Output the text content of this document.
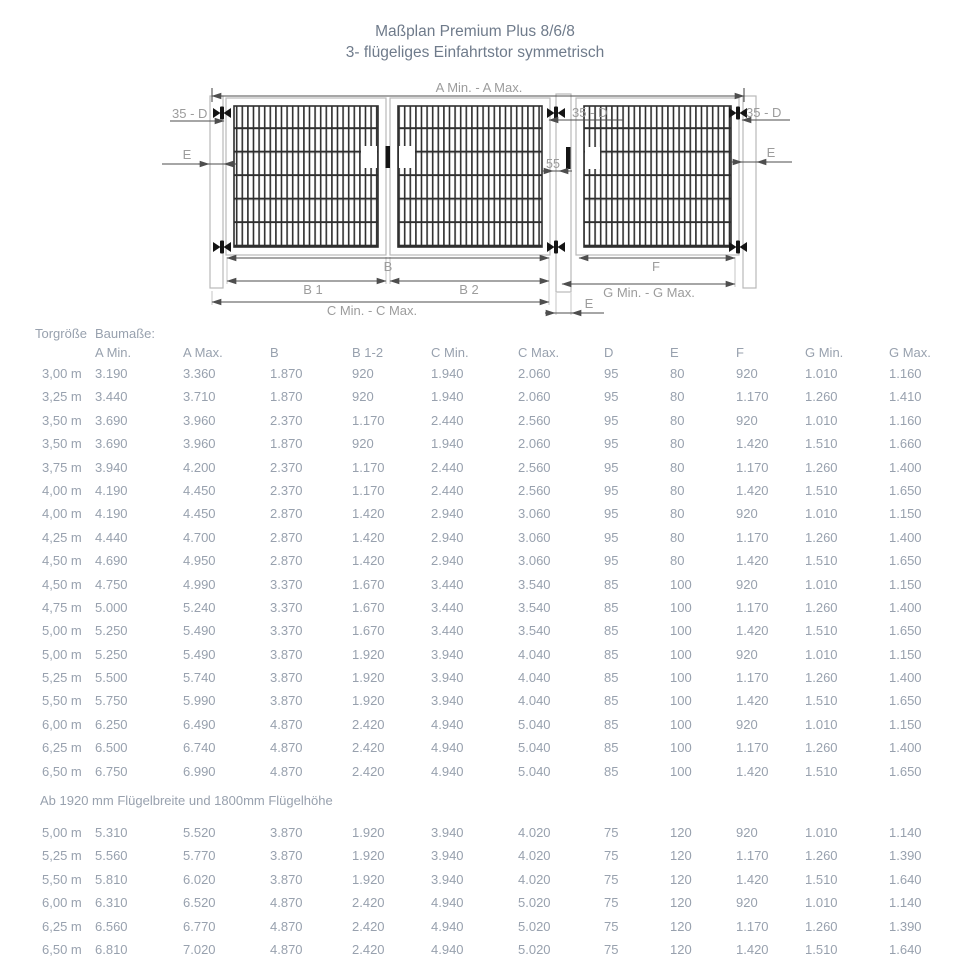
Maßplan Premium Plus 8/6/8
3- flügeliges Einfahrtstor symmetrisch
A Min. - A Max.
35 - D	35 - D	35 - D
E	E
55
B	F
B 1	B 2	G Min. - G Max.
C Min. - C Max.	E
Torgröße Baumaße:
A Min.	A Max.	B	B 1-2	C Min.	C Max.	D	E	F	G Min.	G Max.
3,00 m 3.190	3.360	1.870	920	1.940	2.060	95	80	920	1.010	1.160
3,25 m 3.440	3.710	1.870	920	1.940	2.060	95	80	1.170	1.260	1.410
3,50 m 3.690	3.960	2.370	1.170	2.440	2.560	95	80	920	1.010	1.160
3,50 m 3.690	3.960	1.870	920	1.940	2.060	95	80	1.420	1.510	1.660
3,75 m 3.940	4.200	2.370	1.170	2.440	2.560	95	80	1.170	1.260	1.400
4,00 m 4.190	4.450	2.370	1.170	2.440	2.560	95	80	1.420	1.510	1.650
4,00 m 4.190	4.450	2.870	1.420	2.940	3.060	95	80	920	1.010	1.150
4,25 m 4.440	4.700	2.870	1.420	2.940	3.060	95	80	1.170	1.260	1.400
4,50 m 4.690	4.950	2.870	1.420	2.940	3.060	95	80	1.420	1.510	1.650
4,50 m 4.750	4.990	3.370	1.670	3.440	3.540	85	100	920	1.010	1.150
4,75 m 5.000	5.240	3.370	1.670	3.440	3.540	85	100	1.170	1.260	1.400
5,00 m 5.250	5.490	3.370	1.670	3.440	3.540	85	100	1.420	1.510	1.650
5,00 m 5.250	5.490	3.870	1.920	3.940	4.040	85	100	920	1.010	1.150
5,25 m 5.500	5.740	3.870	1.920	3.940	4.040	85	100	1.170	1.260	1.400
5,50 m 5.750	5.990	3.870	1.920	3.940	4.040	85	100	1.420	1.510	1.650
6,00 m 6.250	6.490	4.870	2.420	4.940	5.040	85	100	920	1.010	1.150
6,25 m 6.500	6.740	4.870	2.420	4.940	5.040	85	100	1.170	1.260	1.400
6,50 m 6.750	6.990	4.870	2.420	4.940	5.040	85	100	1.420	1.510	1.650
Ab 1920 mm Flügelbreite und 1800mm Flügelhöhe
5,00 m 5.310	5.520	3.870	1.920	3.940	4.020	75	120	920	1.010	1.140
5,25 m 5.560	5.770	3.870	1.920	3.940	4.020	75	120	1.170	1.260	1.390
5,50 m 5.810	6.020	3.870	1.920	3.940	4.020	75	120	1.420	1.510	1.640
6,00 m 6.310	6.520	4.870	2.420	4.940	5.020	75	120	920	1.010	1.140
6,25 m 6.560	6.770	4.870	2.420	4.940	5.020	75	120	1.170	1.260	1.390
6,50 m 6.810	7.020	4.870	2.420	4.940	5.020	75	120	1.420	1.510	1.640
